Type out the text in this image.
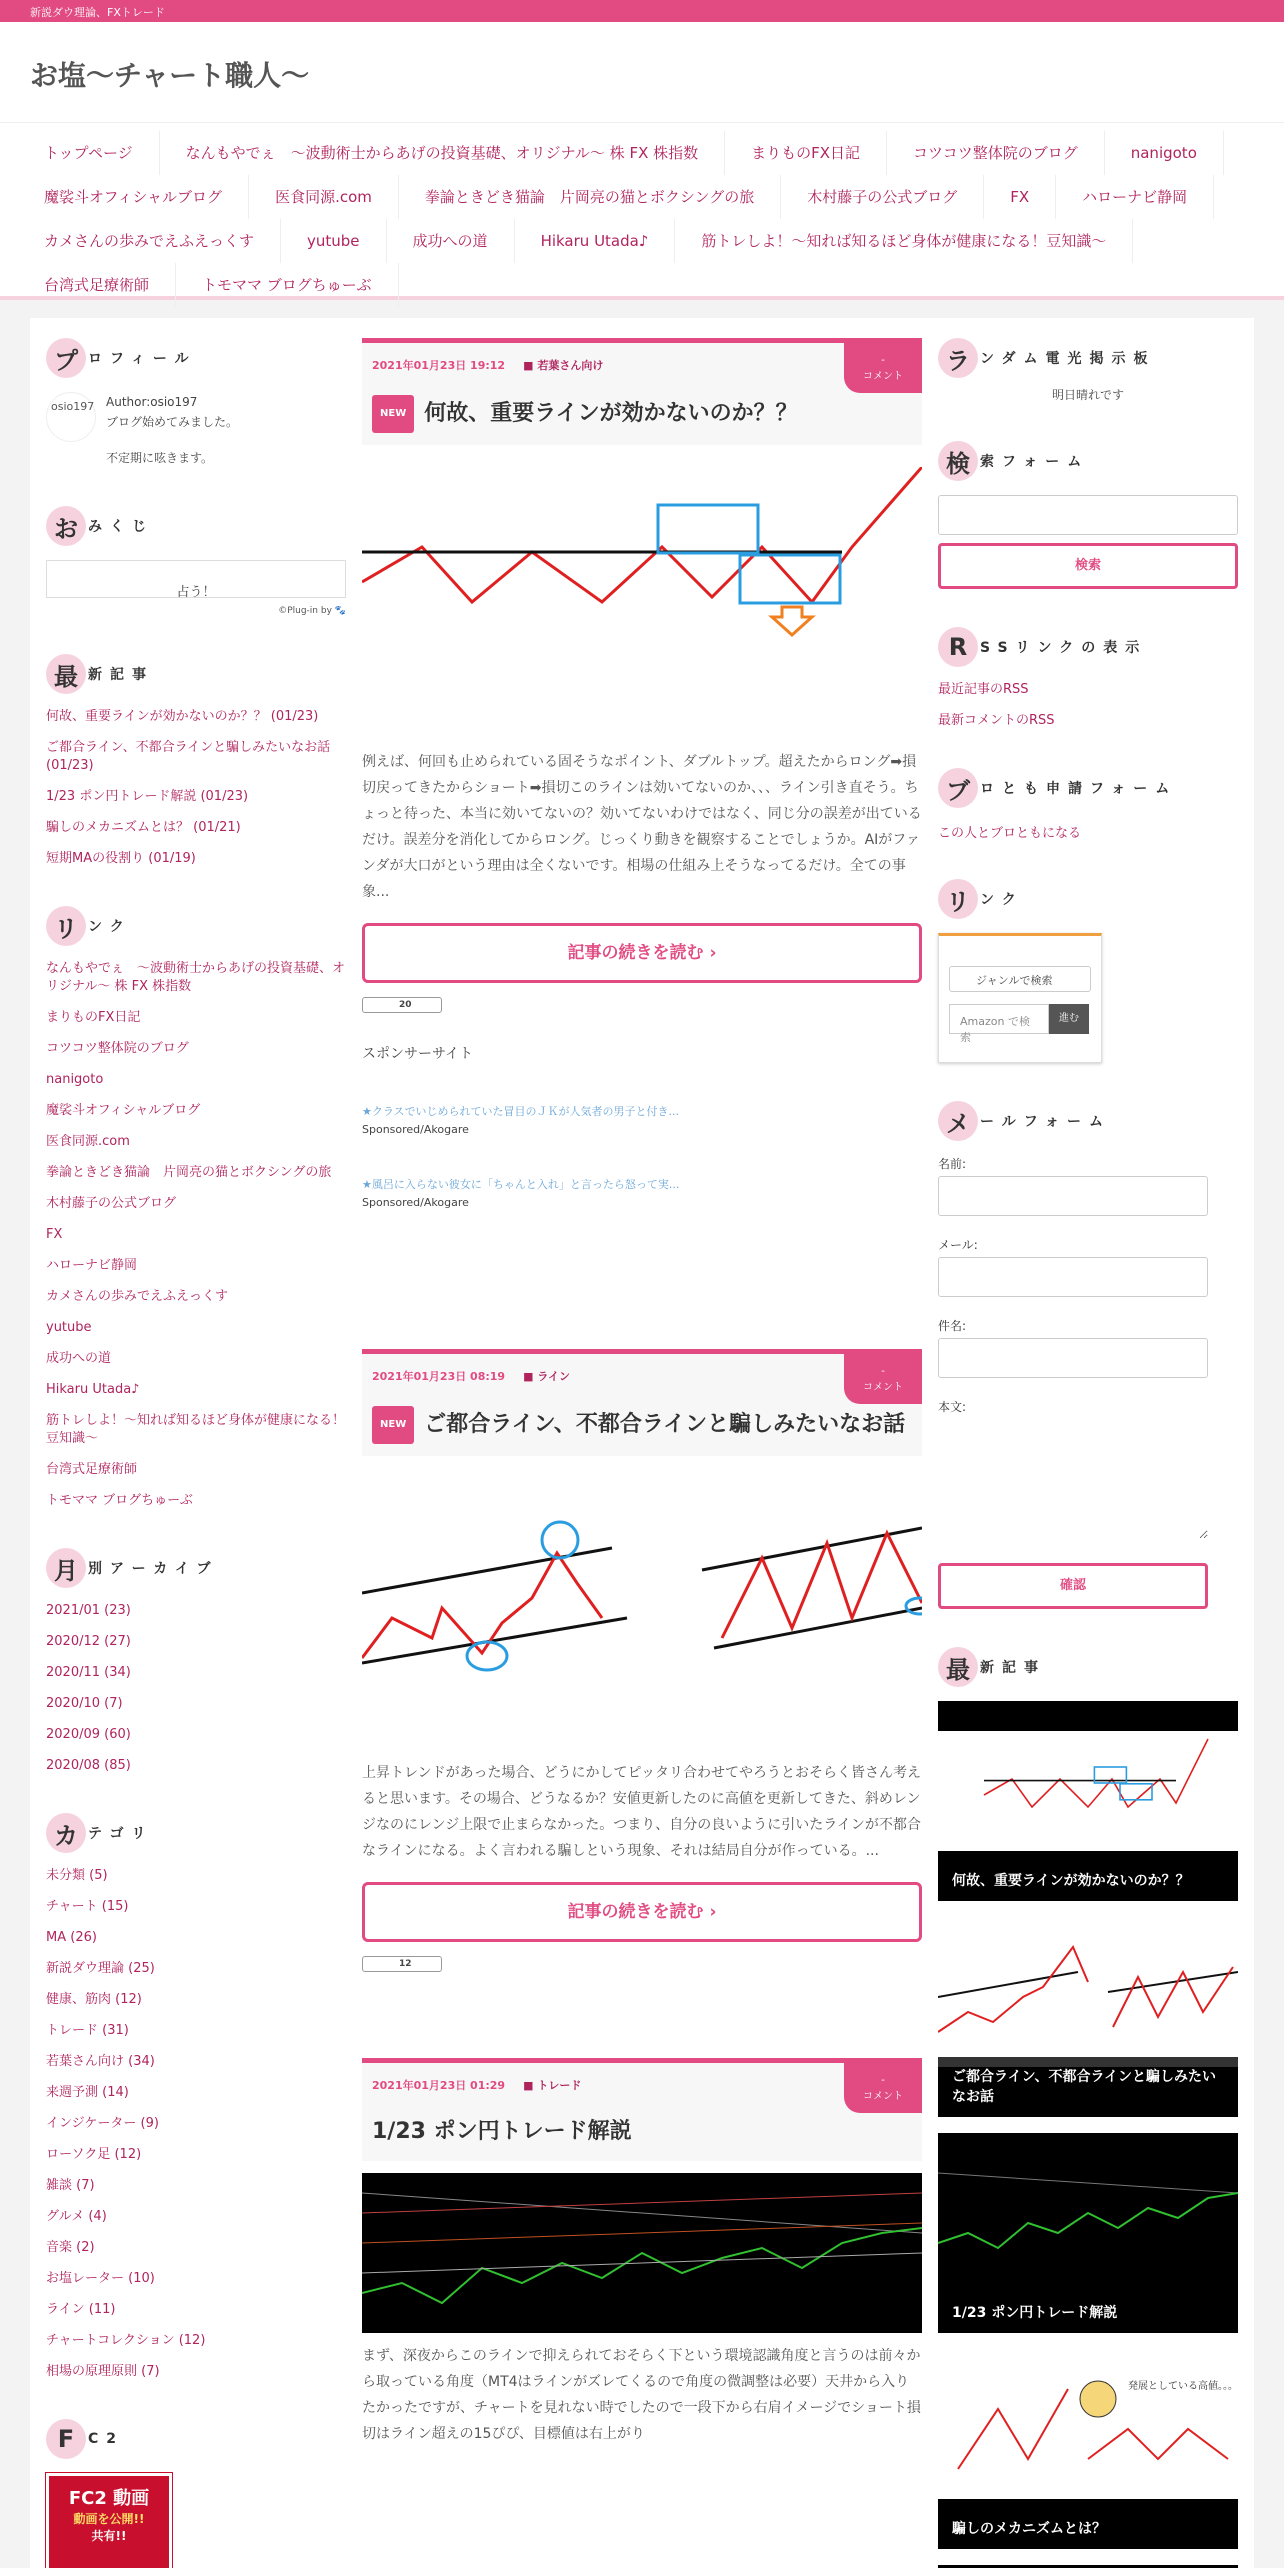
新説ダウ理論、FXトレード
お塩～チャート職人～
トップページ	なんもやでぇ　～波動術士からあげの投資基礎、オリジナル～ 株 FX 株指数	まりものFX日記	コツコツ整体院のブログ	nanigoto
魔裟斗オフィシャルブログ	医食同源.com	拳論ときどき猫論　片岡亮の猫とボクシングの旅	木村藤子の公式ブログ	FX	ハローナビ静岡
カメさんの歩みでえふえっくす	yutube	成功への道	Hikaru Utada♪	筋トレしよ！～知れば知るほど身体が健康になる！豆知識～
台湾式足療術師	トモママ ブログちゅーぶ
プ ロフィール
osio197 Author:osio197
ブログ始めてみました。
不定期に呟きます。
お みくじ
占う！
©Plug-in by 🐾
最 新記事
何故、重要ラインが効かないのか？？ (01/23)
ご都合ライン、不都合ラインと騙しみたいなお話 (01/23)
1/23 ポン円トレード解説 (01/23)
騙しのメカニズムとは？ (01/21)
短期MAの役割り (01/19)
リ ンク
なんもやでぇ　～波動術士からあげの投資基礎、オリジナル～ 株 FX 株指数
まりものFX日記
コツコツ整体院のブログ
nanigoto
魔裟斗オフィシャルブログ
医食同源.com
拳論ときどき猫論　片岡亮の猫とボクシングの旅
木村藤子の公式ブログ
FX
ハローナビ静岡
カメさんの歩みでえふえっくす
yutube
成功への道
Hikaru Utada♪
筋トレしよ！～知れば知るほど身体が健康になる！豆知識～
台湾式足療術師
トモママ ブログちゅーぶ
月 別アーカイブ
2021/01 (23)
2020/12 (27)
2020/11 (34)
2020/10 (7)
2020/09 (60)
2020/08 (85)
カ テゴリ
未分類 (5)
チャート (15)
MA (26)
新説ダウ理論 (25)
健康、筋肉 (12)
トレード (31)
若葉さん向け (34)
来週予測 (14)
インジケーター (9)
ローソク足 (12)
雑談 (7)
グルメ (4)
音楽 (2)
お塩レーター (10)
ライン (11)
チャートコレクション (12)
相場の原理原則 (7)
F C2
FC2 動画
動画を公開!!
共有!!
2021年01月23日 19:12 ■ 若葉さん向け	-
コメント
NEW 何故、重要ラインが効かないのか？？

例えば、何回も止められている固そうなポイント、ダブルトップ。超えたからロング➡損切戻ってきたからショート➡損切このラインは効いてないのか、、、ライン引き直そう。ちょっと待った、本当に効いてないの？効いてないわけではなく、同じ分の誤差が出ているだけ。誤差分を消化してからロング。じっくり動きを観察することでしょうか。AIがファンダが大口がという理由は全くないです。相場の仕組み上そうなってるだけ。全ての事象...

記事の続きを読む ›
20
スポンサーサイト
★クラスでいじめられていた冒目のＪＫが人気者の男子と付き...
Sponsored/Akogare
★風呂に入らない彼女に「ちゃんと入れ」と言ったら怒って実...
Sponsored/Akogare
2021年01月23日 08:19 ■ ライン	-
コメント
NEW ご都合ライン、不都合ラインと騙しみたいなお話

上昇トレンドがあった場合、どうにかしてピッタリ合わせてやろうとおそらく皆さん考えると思います。その場合、どうなるか？安値更新したのに高値を更新してきた、斜めレンジなのにレンジ上限で止まらなかった。つまり、自分の良いように引いたラインが不都合なラインになる。よく言われる騙しという現象、それは結局自分が作っている。...

記事の続きを読む ›
12
2021年01月23日 01:29 ■ トレード	-
コメント
1/23 ポン円トレード解説

まず、深夜からこのラインで抑えられておそらく下という環境認識角度と言うのは前々から取っている角度（MT4はラインがズレてくるので角度の微調整は必要）天井から入りたかったですが、チャートを見れない時でしたので一段下から右肩イメージでショート損切はライン超えの15ぴぴ、目標値は右上がり

ラ ンダム電光掲示板
明日晴れです
検 索フォーム
検索
R SSリンクの表示
最近記事のRSS
最新コメントのRSS
ブ ロとも申請フォーム
この人とブロともになる
リ ンク
ジャンルで検索
Amazon で検索
進む
メ ールフォーム
名前:
メール:
件名:
本文:
確認
最 新記事
何故、重要ラインが効かないのか？？
ご都合ライン、不都合ラインと騙しみたいなお話
1/23 ポン円トレード解説
発展としている高値。。。
騙しのメカニズムとは？
